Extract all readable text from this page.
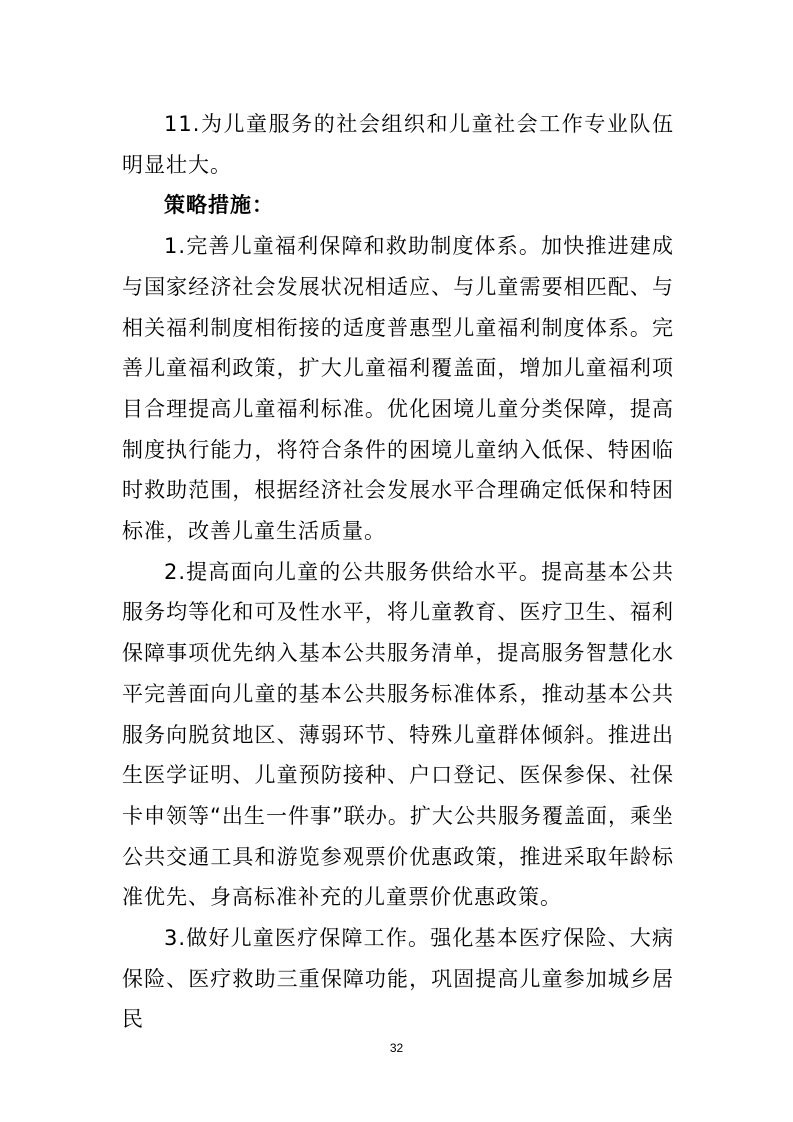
11.为儿童服务的社会组织和儿童社会工作专业队伍明显壮大。

策略措施：

1.完善儿童福利保障和救助制度体系。加快推进建成与国家经济社会发展状况相适应、与儿童需要相匹配、与相关福利制度相衔接的适度普惠型儿童福利制度体系。完善儿童福利政策，扩大儿童福利覆盖面，增加儿童福利项目合理提高儿童福利标准。优化困境儿童分类保障，提高制度执行能力，将符合条件的困境儿童纳入低保、特困临时救助范围，根据经济社会发展水平合理确定低保和特困标准，改善儿童生活质量。

2.提高面向儿童的公共服务供给水平。提高基本公共服务均等化和可及性水平，将儿童教育、医疗卫生、福利保障事项优先纳入基本公共服务清单，提高服务智慧化水平完善面向儿童的基本公共服务标准体系，推动基本公共服务向脱贫地区、薄弱环节、特殊儿童群体倾斜。推进出生医学证明、儿童预防接种、户口登记、医保参保、社保卡申领等“出生一件事”联办。扩大公共服务覆盖面，乘坐公共交通工具和游览参观票价优惠政策，推进采取年龄标准优先、身高标准补充的儿童票价优惠政策。

3.做好儿童医疗保障工作。强化基本医疗保险、大病保险、医疗救助三重保障功能，巩固提高儿童参加城乡居民

32
